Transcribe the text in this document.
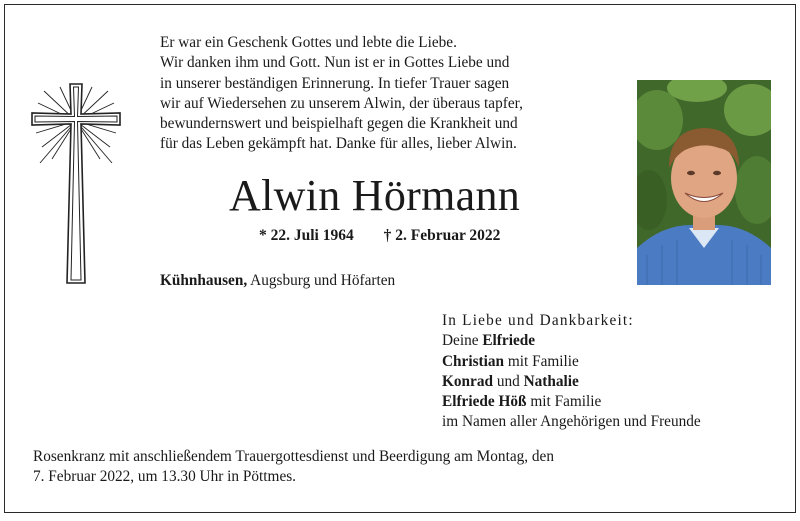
Er war ein Geschenk Gottes und lebte die Liebe.
Wir danken ihm und Gott. Nun ist er in Gottes Liebe und
in unserer beständigen Erinnerung. In tiefer Trauer sagen
wir auf Wiedersehen zu unserem Alwin, der überaus tapfer,
bewundernswert und beispielhaft gegen die Krankheit und
für das Leben gekämpft hat. Danke für alles, lieber Alwin.
Alwin Hörmann
* 22. Juli 1964 † 2. Februar 2022
Kühnhausen, Augsburg und Höfarten
In Liebe und Dankbarkeit:
Deine Elfriede
Christian mit Familie
Konrad und Nathalie
Elfriede Höß mit Familie
im Namen aller Angehörigen und Freunde
Rosenkranz mit anschließendem Trauergottesdienst und Beerdigung am Montag, den
7. Februar 2022, um 13.30 Uhr in Pöttmes.
